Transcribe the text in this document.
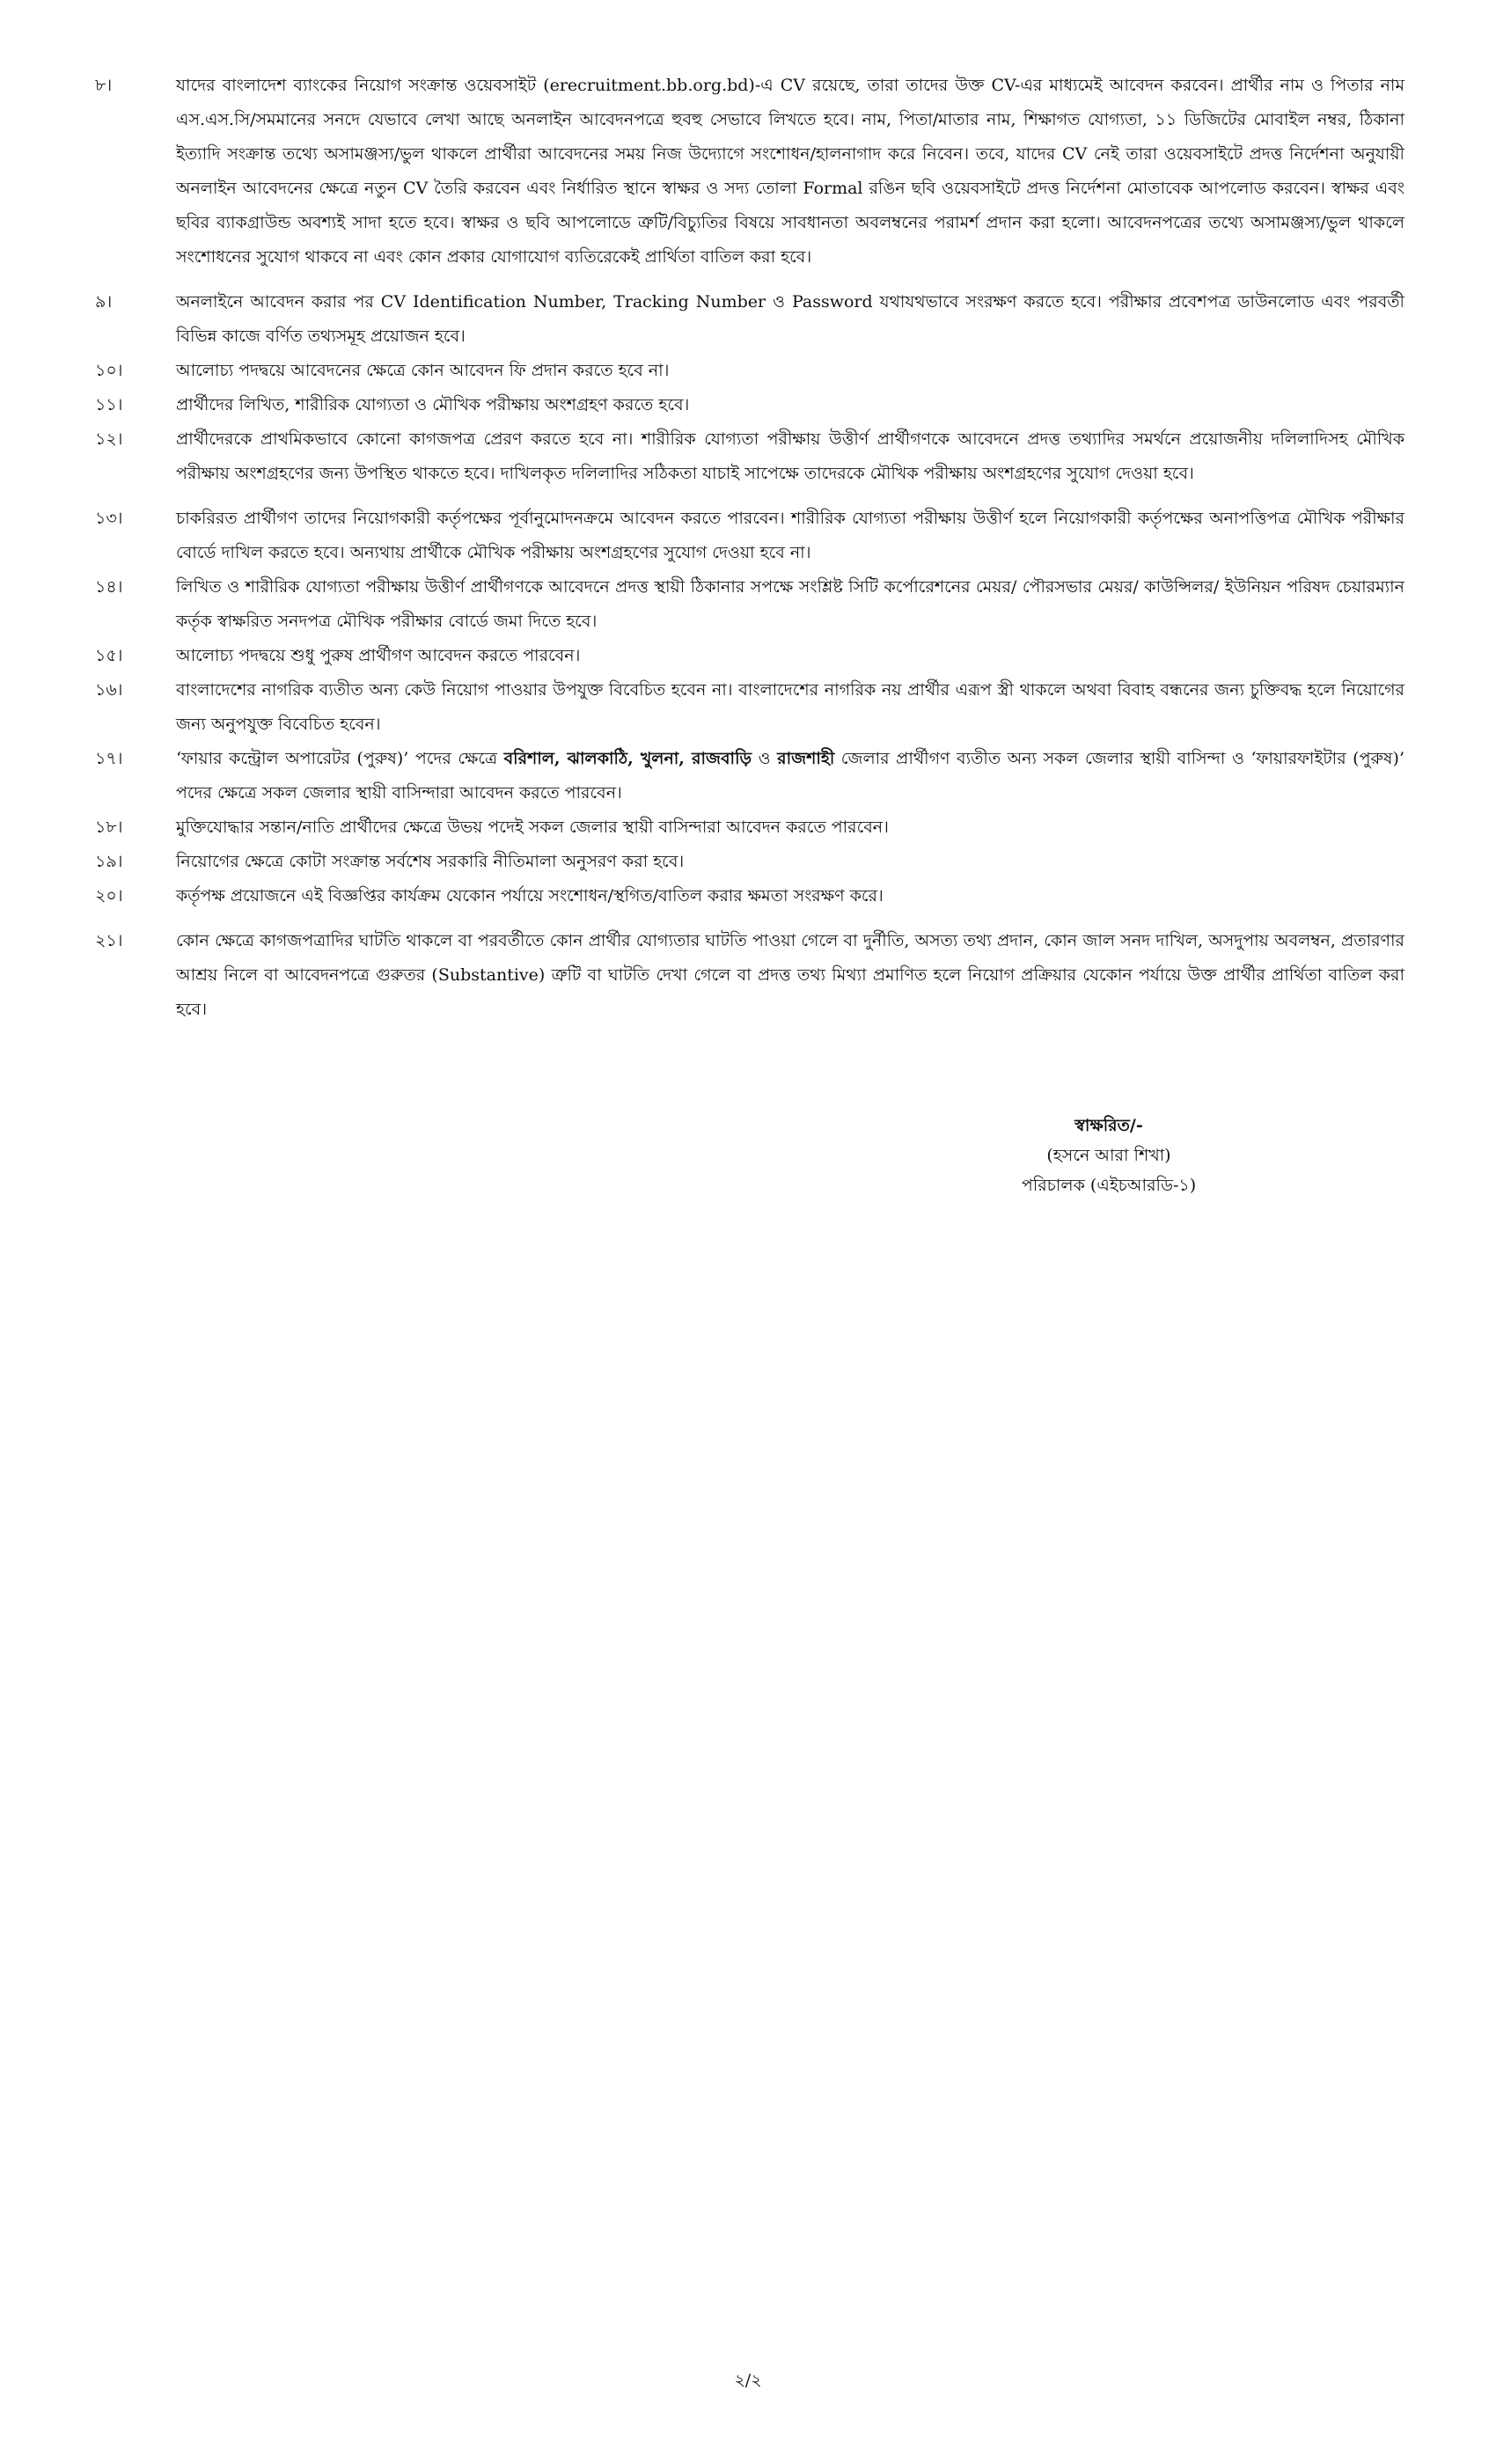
৮।	যাদের বাংলাদেশ ব্যাংকের নিয়োগ সংক্রান্ত ওয়েবসাইট (erecruitment.bb.org.bd)-এ CV রয়েছে, তারা তাদের উক্ত CV-এর মাধ্যমেই আবেদন করবেন। প্রার্থীর নাম ও পিতার নাম এস.এস.সি/সমমানের সনদে যেভাবে লেখা আছে অনলাইন আবেদনপত্রে হুবহু সেভাবে লিখতে হবে। নাম, পিতা/মাতার নাম, শিক্ষাগত যোগ্যতা, ১১ ডিজিটের মোবাইল নম্বর, ঠিকানা ইত্যাদি সংক্রান্ত তথ্যে অসামঞ্জস্য/ভুল থাকলে প্রার্থীরা আবেদনের সময় নিজ উদ্যোগে সংশোধন/হালনাগাদ করে নিবেন। তবে, যাদের CV নেই তারা ওয়েবসাইটে প্রদত্ত নির্দেশনা অনুযায়ী অনলাইন আবেদনের ক্ষেত্রে নতুন CV তৈরি করবেন এবং নির্ধারিত স্থানে স্বাক্ষর ও সদ্য তোলা Formal রঙিন ছবি ওয়েবসাইটে প্রদত্ত নির্দেশনা মোতাবেক আপলোড করবেন। স্বাক্ষর এবং ছবির ব্যাকগ্রাউন্ড অবশ্যই সাদা হতে হবে। স্বাক্ষর ও ছবি আপলোডে ত্রুটি/বিচ্যুতির বিষয়ে সাবধানতা অবলম্বনের পরামর্শ প্রদান করা হলো। আবেদনপত্রের তথ্যে অসামঞ্জস্য/ভুল থাকলে সংশোধনের সুযোগ থাকবে না এবং কোন প্রকার যোগাযোগ ব্যতিরেকেই প্রার্থিতা বাতিল করা হবে।
৯।	অনলাইনে আবেদন করার পর CV Identification Number, Tracking Number ও Password যথাযথভাবে সংরক্ষণ করতে হবে। পরীক্ষার প্রবেশপত্র ডাউনলোড এবং পরবর্তী বিভিন্ন কাজে বর্ণিত তথ্যসমূহ প্রয়োজন হবে।
১০।	আলোচ্য পদদ্বয়ে আবেদনের ক্ষেত্রে কোন আবেদন ফি প্রদান করতে হবে না।
১১।	প্রার্থীদের লিখিত, শারীরিক যোগ্যতা ও মৌখিক পরীক্ষায় অংশগ্রহণ করতে হবে।
১২।	প্রার্থীদেরকে প্রাথমিকভাবে কোনো কাগজপত্র প্রেরণ করতে হবে না। শারীরিক যোগ্যতা পরীক্ষায় উত্তীর্ণ প্রার্থীগণকে আবেদনে প্রদত্ত তথ্যাদির সমর্থনে প্রয়োজনীয় দলিলাদিসহ মৌখিক পরীক্ষায় অংশগ্রহণের জন্য উপস্থিত থাকতে হবে। দাখিলকৃত দলিলাদির সঠিকতা যাচাই সাপেক্ষে তাদেরকে মৌখিক পরীক্ষায় অংশগ্রহণের সুযোগ দেওয়া হবে।
১৩।	চাকরিরত প্রার্থীগণ তাদের নিয়োগকারী কর্তৃপক্ষের পূর্বানুমোদনক্রমে আবেদন করতে পারবেন। শারীরিক যোগ্যতা পরীক্ষায় উত্তীর্ণ হলে নিয়োগকারী কর্তৃপক্ষের অনাপত্তিপত্র মৌখিক পরীক্ষার বোর্ডে দাখিল করতে হবে। অন্যথায় প্রার্থীকে মৌখিক পরীক্ষায় অংশগ্রহণের সুযোগ দেওয়া হবে না।
১৪।	লিখিত ও শারীরিক যোগ্যতা পরীক্ষায় উত্তীর্ণ প্রার্থীগণকে আবেদনে প্রদত্ত স্থায়ী ঠিকানার সপক্ষে সংশ্লিষ্ট সিটি কর্পোরেশনের মেয়র/ পৌরসভার মেয়র/ কাউন্সিলর/ ইউনিয়ন পরিষদ চেয়ারম্যান কর্তৃক স্বাক্ষরিত সনদপত্র মৌখিক পরীক্ষার বোর্ডে জমা দিতে হবে।
১৫।	আলোচ্য পদদ্বয়ে শুধু পুরুষ প্রার্থীগণ আবেদন করতে পারবেন।
১৬।	বাংলাদেশের নাগরিক ব্যতীত অন্য কেউ নিয়োগ পাওয়ার উপযুক্ত বিবেচিত হবেন না। বাংলাদেশের নাগরিক নয় প্রার্থীর এরূপ স্ত্রী থাকলে অথবা বিবাহ বন্ধনের জন্য চুক্তিবদ্ধ হলে নিয়োগের জন্য অনুপযুক্ত বিবেচিত হবেন।
১৭।	‘ফায়ার কন্ট্রোল অপারেটর (পুরুষ)’ পদের ক্ষেত্রে বরিশাল, ঝালকাঠি, খুলনা, রাজবাড়ি ও রাজশাহী জেলার প্রার্থীগণ ব্যতীত অন্য সকল জেলার স্থায়ী বাসিন্দা ও ‘ফায়ারফাইটার (পুরুষ)’ পদের ক্ষেত্রে সকল জেলার স্থায়ী বাসিন্দারা আবেদন করতে পারবেন।
১৮।	মুক্তিযোদ্ধার সন্তান/নাতি প্রার্থীদের ক্ষেত্রে উভয় পদেই সকল জেলার স্থায়ী বাসিন্দারা আবেদন করতে পারবেন।
১৯।	নিয়োগের ক্ষেত্রে কোটা সংক্রান্ত সর্বশেষ সরকারি নীতিমালা অনুসরণ করা হবে।
২০।	কর্তৃপক্ষ প্রয়োজনে এই বিজ্ঞপ্তির কার্যক্রম যেকোন পর্যায়ে সংশোধন/স্থগিত/বাতিল করার ক্ষমতা সংরক্ষণ করে।
২১।	কোন ক্ষেত্রে কাগজপত্রাদির ঘাটতি থাকলে বা পরবর্তীতে কোন প্রার্থীর যোগ্যতার ঘাটতি পাওয়া গেলে বা দুর্নীতি, অসত্য তথ্য প্রদান, কোন জাল সনদ দাখিল, অসদুপায় অবলম্বন, প্রতারণার আশ্রয় নিলে বা আবেদনপত্রে গুরুতর (Substantive) ত্রুটি বা ঘাটতি দেখা গেলে বা প্রদত্ত তথ্য মিথ্যা প্রমাণিত হলে নিয়োগ প্রক্রিয়ার যেকোন পর্যায়ে উক্ত প্রার্থীর প্রার্থিতা বাতিল করা হবে।
স্বাক্ষরিত/-
(হসনে আরা শিখা)
পরিচালক (এইচআরডি-১)
২/২
